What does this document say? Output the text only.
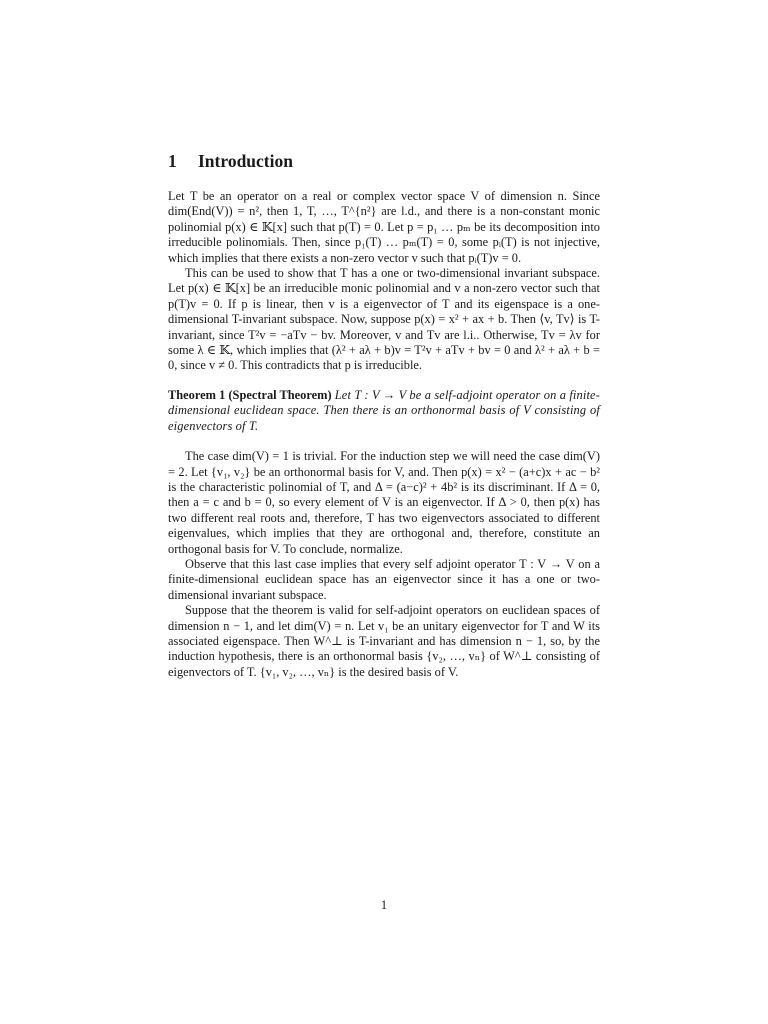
1 Introduction

Let T be an operator on a real or complex vector space V of dimension n. Since dim(End(V)) = n², then 1, T, …, T^{n²} are l.d., and there is a non-constant monic polinomial p(x) ∈ 𝕂[x] such that p(T) = 0. Let p = p₁ … pₘ be its decomposition into irreducible polinomials. Then, since p₁(T) … pₘ(T) = 0, some pᵢ(T) is not injective, which implies that there exists a non-zero vector v such that pᵢ(T)v = 0.

This can be used to show that T has a one or two-dimensional invariant subspace. Let p(x) ∈ 𝕂[x] be an irreducible monic polinomial and v a non-zero vector such that p(T)v = 0. If p is linear, then v is a eigenvector of T and its eigenspace is a one-dimensional T-invariant subspace. Now, suppose p(x) = x² + ax + b. Then ⟨v, Tv⟩ is T-invariant, since T²v = −aTv − bv. Moreover, v and Tv are l.i.. Otherwise, Tv = λv for some λ ∈ 𝕂, which implies that (λ² + aλ + b)v = T²v + aTv + bv = 0 and λ² + aλ + b = 0, since v ≠ 0. This contradicts that p is irreducible.

Theorem 1 (Spectral Theorem) Let T : V → V be a self-adjoint operator on a finite-dimensional euclidean space. Then there is an orthonormal basis of V consisting of eigenvectors of T.

The case dim(V) = 1 is trivial. For the induction step we will need the case dim(V) = 2. Let {v₁, v₂} be an orthonormal basis for V, and. Then p(x) = x² − (a+c)x + ac − b² is the characteristic polinomial of T, and Δ = (a−c)² + 4b² is its discriminant. If Δ = 0, then a = c and b = 0, so every element of V is an eigenvector. If Δ > 0, then p(x) has two different real roots and, therefore, T has two eigenvectors associated to different eigenvalues, which implies that they are orthogonal and, therefore, constitute an orthogonal basis for V. To conclude, normalize.

Observe that this last case implies that every self adjoint operator T : V → V on a finite-dimensional euclidean space has an eigenvector since it has a one or two-dimensional invariant subspace.

Suppose that the theorem is valid for self-adjoint operators on euclidean spaces of dimension n − 1, and let dim(V) = n. Let v₁ be an unitary eigenvector for T and W its associated eigenspace. Then W^⊥ is T-invariant and has dimension n − 1, so, by the induction hypothesis, there is an orthonormal basis {v₂, …, vₙ} of W^⊥ consisting of eigenvectors of T. {v₁, v₂, …, vₙ} is the desired basis of V.

1
